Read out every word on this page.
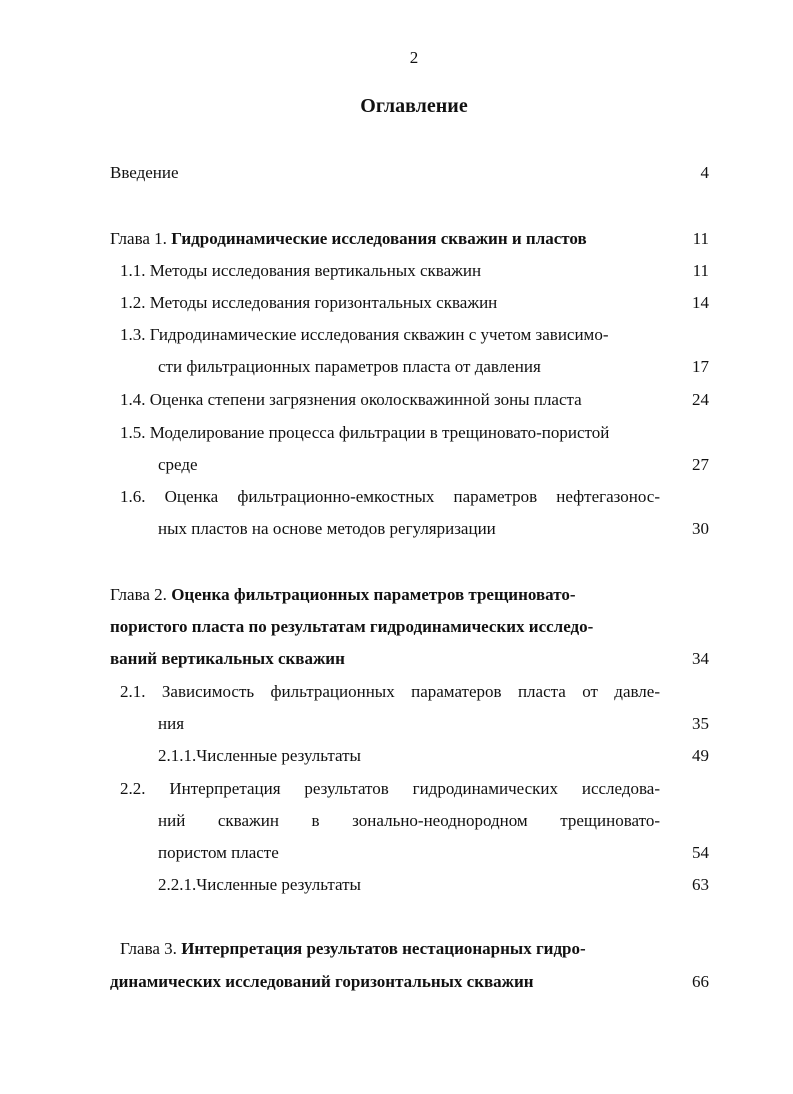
2
Оглавление
Введение	4
Глава 1. Гидродинамические исследования скважин и пластов	11
1.1. Методы исследования вертикальных скважин	11
1.2. Методы исследования горизонтальных скважин	14
1.3. Гидродинамические исследования скважин с учетом зависимо-
сти фильтрационных параметров пласта от давления	17
1.4. Оценка степени загрязнения околоскважинной зоны пласта	24
1.5. Моделирование процесса фильтрации в трещиновато-пористой
среде	27
1.6. Оценка фильтрационно-емкостных параметров нефтегазонос-
ных пластов на основе методов регуляризации	30
Глава 2. Оценка фильтрационных параметров трещиновато-
пористого пласта по результатам гидродинамических исследо-
ваний вертикальных скважин	34
2.1. Зависимость фильтрационных параматеров пласта от давле-
ния	35
2.1.1.Численные результаты	49
2.2. Интерпретация результатов гидродинамических исследова-
ний скважин в зонально-неоднородном трещиновато-
пористом пласте	54
2.2.1.Численные результаты	63
Глава 3. Интерпретация результатов нестационарных гидро-
динамических исследований горизонтальных скважин	66
